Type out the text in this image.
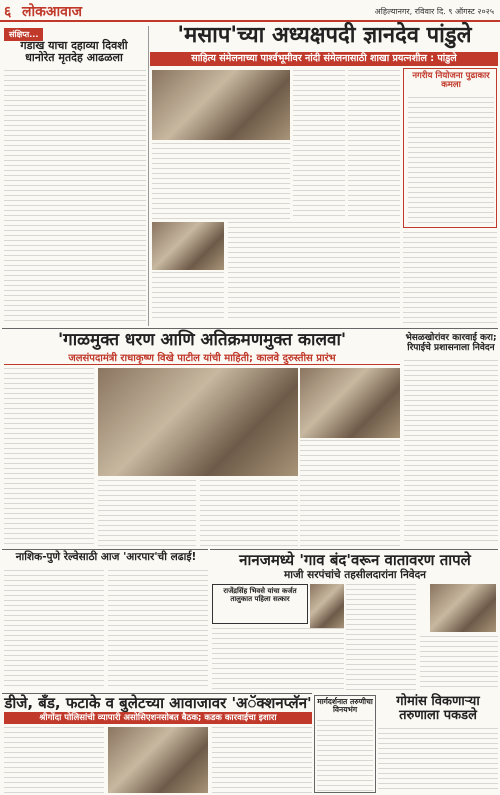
६ लोकआवाज	अहिल्यानगर, रविवार दि. ९ ऑगस्ट २०२५
संक्षिप्त...
गडाख याचा दहाव्या दिवशी धानोरेत मृतदेह आढळला
'मसाप'च्या अध्यक्षपदी ज्ञानदेव पांडुले
साहित्य संमेलनाच्या पार्श्वभूमीवर नांदी संमेलनासाठी शाखा प्रयत्नशील : पांडुले
नगरीय नियोजना पुढाकार कमला
'गाळमुक्त धरण आणि अतिक्रमणमुक्त कालवा'
जलसंपदामंत्री राधाकृष्ण विखे पाटील यांची माहिती; कालवे दुरुस्तीस प्रारंभ
भेसळखोरांवर कारवाई करा; रिपाईचे प्रशासनाला निवेदन
नाशिक-पुणे रेल्वेसाठी आज 'आरपार'ची लढाई!	नानजमध्ये 'गाव बंद'वरून वातावरण तापले
माजी सरपंचांचे तहसीलदारांना निवेदन
राजेंद्रसिंह भिवसे यांचा कर्जत तालुकात पहिला सत्कार
डीजे, बँड, फटाके व बुलेटच्या आवाजावर 'अॅक्शनप्लॅन'
श्रीगोंदा पोलिसांची व्यापारी असोसिएशनसोबत बैठक; कडक कारवाईचा इशारा
मार्गदर्शनात तरुणीचा विनयभंग
गोमांस विकणाऱ्या तरुणाला पकडले
